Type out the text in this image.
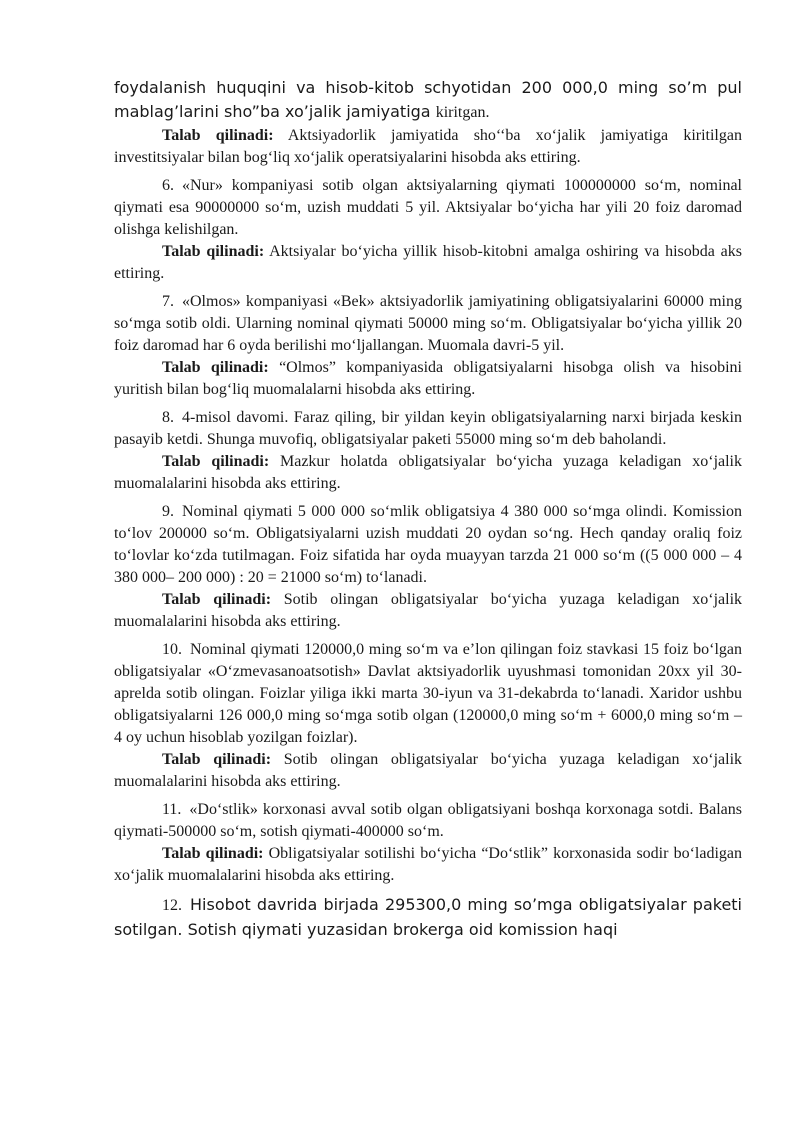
foydalanish huquqini va hisob-kitob schyotidan 200 000,0 ming so’m pul mablag’larini sho”ba xo’jalik jamiyatiga kiritgan.

Talab qilinadi: Aktsiyadorlik jamiyatida sho‘‘ba xo‘jalik jamiyatiga kiritilgan investitsiyalar bilan bog‘liq xo‘jalik operatsiyalarini hisobda aks ettiring.

6. «Nur» kompaniyasi sotib olgan aktsiyalarning qiymati 100000000 so‘m, nominal qiymati esa 90000000 so‘m, uzish muddati 5 yil. Aktsiyalar bo‘yicha har yili 20 foiz daromad olishga kelishilgan.

Talab qilinadi: Aktsiyalar bo‘yicha yillik hisob-kitobni amalga oshiring va hisobda aks ettiring.

7. «Olmos» kompaniyasi «Bek» aktsiyadorlik jamiyatining obligatsiyalarini 60000 ming so‘mga sotib oldi. Ularning nominal qiymati 50000 ming so‘m. Obligatsiyalar bo‘yicha yillik 20 foiz daromad har 6 oyda berilishi mo‘ljallangan. Muomala davri-5 yil.

Talab qilinadi: “Olmos” kompaniyasida obligatsiyalarni hisobga olish va hisobini yuritish bilan bog‘liq muomalalarni hisobda aks ettiring.

8. 4-misol davomi. Faraz qiling, bir yildan keyin obligatsiyalarning narxi birjada keskin pasayib ketdi. Shunga muvofiq, obligatsiyalar paketi 55000 ming so‘m deb baholandi.

Talab qilinadi: Mazkur holatda obligatsiyalar bo‘yicha yuzaga keladigan xo‘jalik muomalalarini hisobda aks ettiring.

9. Nominal qiymati 5 000 000 so‘mlik obligatsiya 4 380 000 so‘mga olindi. Komission to‘lov 200000 so‘m. Obligatsiyalarni uzish muddati 20 oydan so‘ng. Hech qanday oraliq foiz to‘lovlar ko‘zda tutilmagan. Foiz sifatida har oyda muayyan tarzda 21 000 so‘m ((5 000 000 – 4 380 000– 200 000) : 20 = 21000 so‘m) to‘lanadi.

Talab qilinadi: Sotib olingan obligatsiyalar bo‘yicha yuzaga keladigan xo‘jalik muomalalarini hisobda aks ettiring.

10. Nominal qiymati 120000,0 ming so‘m va e’lon qilingan foiz stavkasi 15 foiz bo‘lgan obligatsiyalar «O‘zmevasanoatsotish» Davlat aktsiyadorlik uyushmasi tomonidan 20xx yil 30-aprelda sotib olingan. Foizlar yiliga ikki marta 30-iyun va 31-dekabrda to‘lanadi. Xaridor ushbu obligatsiyalarni 126 000,0 ming so‘mga sotib olgan (120000,0 ming so‘m + 6000,0 ming so‘m – 4 oy uchun hisoblab yozilgan foizlar).

Talab qilinadi: Sotib olingan obligatsiyalar bo‘yicha yuzaga keladigan xo‘jalik muomalalarini hisobda aks ettiring.

11. «Do‘stlik» korxonasi avval sotib olgan obligatsiyani boshqa korxonaga sotdi. Balans qiymati-500000 so‘m, sotish qiymati-400000 so‘m.

Talab qilinadi: Obligatsiyalar sotilishi bo‘yicha “Do‘stlik” korxonasida sodir bo‘ladigan xo‘jalik muomalalarini hisobda aks ettiring.

12. Hisobot davrida birjada 295300,0 ming so’mga obligatsiyalar paketi sotilgan. Sotish qiymati yuzasidan brokerga oid komission haqi
